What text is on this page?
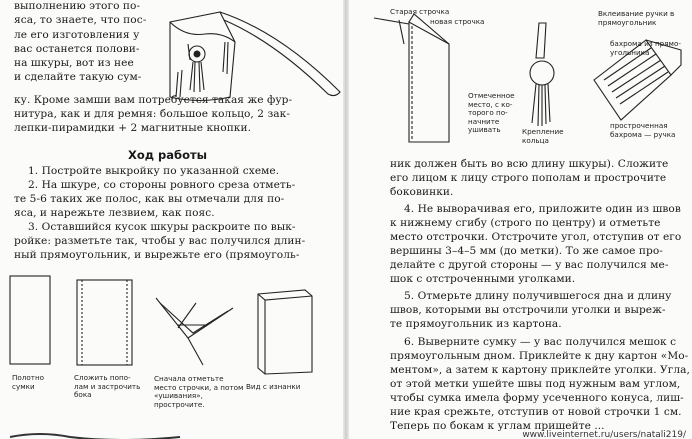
выполнению этого по-

яса, то знаете, что пос-

ле его изготовления у

вас останется полови-

на шкуры, вот из нее

и сделайте такую сум-

ку. Кроме замши вам потребуется такая же фур-

нитура, как и для ремня: большое кольцо, 2 зак-

лепки-пирамидки + 2 магнитные кнопки.

Ход работы

1. Постройте выкройку по указанной схеме.

2. На шкуре, со стороны ровного среза отметь-

те 5-6 таких же полос, как вы отмечали для по-

яса, и нарежьте лезвием, как пояс.

3. Оставшийся кусок шкуры раскроите по вык-

ройке: разметьте так, чтобы у вас получился длин-

ный прямоугольник, и вырежьте его (прямоуголь-

Полотно
сумки

Сложить попо-
лам и застрочить
бока

Сначала отметьте
место строчки, а потом
«ушивания»,
прострочите.

Вид с изнанки

Старая строчка

новая строчка

Отмеченное
место, с ко-
торого по-
начните
ушивать	Крепление
кольца

Вклеивание ручки в
прямоугольник

бахрома из прямо-
угольника

прострoченная
бахрома — ручка

ник должен быть во всю длину шкуры). Сложите

его лицом к лицу строго пополам и прострочите

боковинки.

4. Не выворачивая его, приложите один из швов

к нижнему сгибу (строго по центру) и отметьте

место отстрочки. Отстрочите угол, отступив от его

вершины 3–4–5 мм (до метки). То же самое про-

делайте с другой стороны — у вас получился ме-

шок с отстроченными уголками.

5. Отмерьте длину получившегося дна и длину

швов, которыми вы отстрочили уголки и выреж-

те прямоугольник из картона.

6. Выверните сумку — у вас получился мешок с

прямоугольным дном. Приклейте к дну картон «Мо-

ментом», а затем к картону приклейте уголки. Угла,

от этой метки ушейте швы под нужным вам углом,

чтобы сумка имела форму усеченного конуса, лиш-

ние края срежьте, отступив от новой строчки 1 см.

Теперь по бокам к углам пришейте ...

www.liveinternet.ru/users/natali219/
